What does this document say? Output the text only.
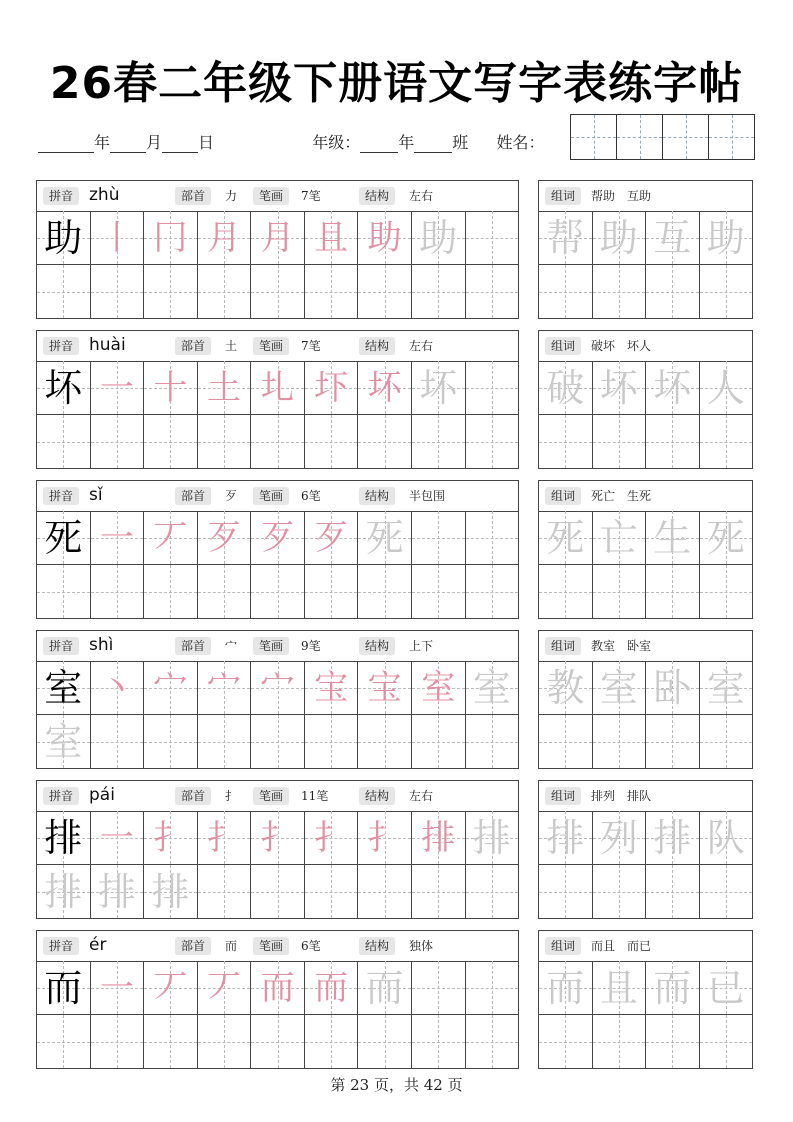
26春二年级下册语文写字表练字帖
年 月 日	年级： 年 班 姓名：
拼音 zhù	部首	力	笔画	7笔	结构	左右
助 丨 冂 月 月 且 助 助
组词	帮助　互助
帮 助 互 助
拼音 huài	部首	土	笔画	7笔	结构	左右
坏 一 十 土 圠 圷 坏 坏
组词	破坏　坏人
破 坏 坏 人
拼音 sǐ	部首	歹	笔画	6笔	结构	半包围
死 一 丆 歹 歹 歹 死
组词	死亡　生死
死 亡 生 死
拼音 shì	部首	宀	笔画	9笔	结构	上下
室 丶 宀 宀 宀 宝 宝 室 室
室
组词	教室　卧室
教 室 卧 室
拼音 pái	部首	扌	笔画	11笔	结构	左右
排 一 扌 扌 扌 扌 扌 排 排
排 排 排
组词	排列　排队
排 列 排 队
拼音 ér	部首	而	笔画	6笔	结构	独体
而 一 丆 丆 而 而 而
组词	而且　而已
而 且 而 已
第 23 页，共 42 页
